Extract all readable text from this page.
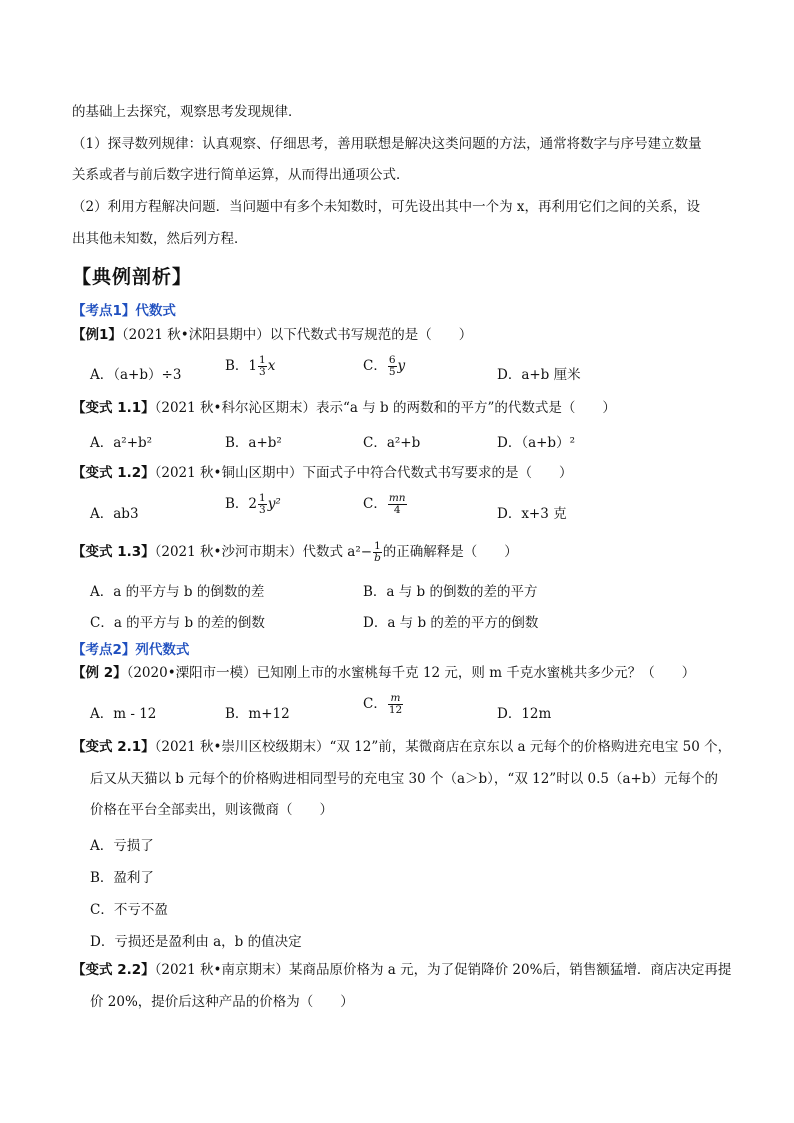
的基础上去探究，观察思考发现规律．
（1）探寻数列规律：认真观察、仔细思考，善用联想是解决这类问题的方法，通常将数字与序号建立数量
关系或者与前后数字进行简单运算，从而得出通项公式．
（2）利用方程解决问题．当问题中有多个未知数时，可先设出其中一个为 x，再利用它们之间的关系，设
出其他未知数，然后列方程．
【典例剖析】
【考点1】代数式
【例1】（2021 秋•沭阳县期中）以下代数式书写规范的是（　　）
A．（a+b）÷3
B．$1 \frac{1}{3}$ x	C． $\frac{6}{5}$ y
D．a+b 厘米
【变式 1.1】（2021 秋•科尔沁区期末）表示“a 与 b 的两数和的平方”的代数式是（　　）
A．a²+b²	B．a+b²	C．a²+b	D．（a+b）²
【变式 1.2】（2021 秋•铜山区期中）下面式子中符合代数式书写要求的是（　　）
A．ab3
B．$2 \frac{1}{3} y^2$	C． $\frac{mn}{4}$	D．x+3 克
【变式 1.3】（2021 秋•沙河市期末）代数式 $a^2- \frac{1}{b}$ 的正确解释是（　　）
A．a 的平方与 b 的倒数的差	B．a 与 b 的倒数的差的平方
C．a 的平方与 b 的差的倒数	D．a 与 b 的差的平方的倒数
【考点2】列代数式
【例 2】（2020•溧阳市一模）已知刚上市的水蜜桃每千克 12 元，则 m 千克水蜜桃共多少元？（　　）
A．m - 12	B．m+12
C． $\frac{m}{12}$	D．12m
【变式 2.1】（2021 秋•崇川区校级期末）“双 12”前，某微商店在京东以 a 元每个的价格购进充电宝 50 个，
后又从天猫以 b 元每个的价格购进相同型号的充电宝 30 个（a＞b），“双 12”时以 0.5（a+b）元每个的
价格在平台全部卖出，则该微商（　　）
A．亏损了
B．盈利了
C．不亏不盈
D．亏损还是盈利由 a，b 的值决定
【变式 2.2】（2021 秋•南京期末）某商品原价格为 a 元，为了促销降价 20%后，销售额猛增．商店决定再提
价 20%，提价后这种产品的价格为（　　）
